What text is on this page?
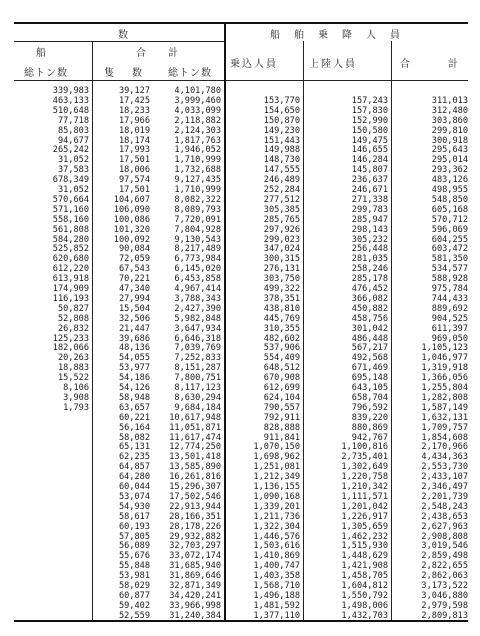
数	船舶乗降人員
船	合　計
総トン数	隻　数 総トン数
乗込人員	上陸人員	合　　計
339,983	39,127	4,101,780
463,133	17,425	3,999,460	153,770	157,243	311,013
510,648	18,233	4,033,099	154,650	157,830	312,480
77,718	17,966	2,118,882	150,870	152,990	303,860
85,803	18,019	2,124,303	149,230	150,580	299,810
94,677	18,174	1,817,763	151,443	149,475	300,918
265,242	17,993	1,946,052	149,988	146,655	295,643
31,052	17,501	1,710,999	148,730	146,284	295,014
37,583	18,006	1,732,688	147,555	145,807	293,362
678,349	97,574	9,127,435	246,489	236,637	483,126
31,052	17,501	1,710,999	252,284	246,671	498,955
570,664	104,607	8,082,322	277,512	271,338	548,850
571,160	106,090	8,089,793	305,385	299,783	605,168
558,160	100,086	7,720,091	285,765	285,947	570,712
561,808	101,320	7,804,928	297,926	298,143	596,069
584,280	100,092	9,130,543	299,023	305,232	604,255
525,852	90,084	8,217,489	347,024	256,448	603,472
620,680	72,059	6,773,984	300,315	281,035	581,350
612,220	67,543	6,145,020	276,131	258,246	534,577
613,918	70,221	6,453,858	303,750	285,178	588,928
174,909	47,340	4,967,414	499,322	476,452	975,784
116,193	27,994	3,788,343	378,351	366,082	744,433
50,827	15,504	2,427,390	438,810	450,882	889,692
52,808	32,506	5,982,848	445,769	458,756	904,525
26,832	21,447	3,647,934	310,355	301,042	611,397
125,233	39,686	6,646,318	482,602	486,448	969,050
182,066	48,136	7,039,769	537,906	567,217	1,105,123
20,263	54,055	7,252,833	554,409	492,568	1,046,977
18,883	53,977	8,151,287	648,512	671,469	1,319,918
15,522	54,186	7,800,751	670,908	695,148	1,366,056
8,106	54,126	8,117,123	612,699	643,105	1,255,804
3,908	58,948	8,630,294	624,104	658,704	1,282,808
1,793	63,657	9,684,184	790,557	796,592	1,587,149
60,221 10,617,948	792,911	839,220	1,632,131
56,164 11,051,871	828,888	880,869	1,709,757
58,082 11,617,474	911,841	942,767	1,854,608
65,131 12,774,250	1,070,150	1,100,816	2,170,966
62,235 13,501,418	1,698,962	2,735,401	4,434,363
64,857 13,585,890	1,251,081	1,302,649	2,553,730
64,280 16,261,816	1,212,349	1,220,758	2,433,107
60,044 15,296,307	1,136,155	1,210,342	2,346,497
53,074 17,502,546	1,090,168	1,111,571	2,201,739
54,930 22,913,944	1,339,201	1,201,042	2,548,243
58,617 28,166,351	1,211,736	1,226,917	2,438,653
60,193 28,178,226	1,322,304	1,305,659	2,627,963
57,805 29,932,882	1,446,576	1,462,232	2,908,808
56,089 32,703,297	1,503,616	1,515,930	3,019,546
55,676 33,072,174	1,410,869	1,448,629	2,859,498
55,848 31,685,940	1,400,747	1,421,908	2,822,655
53,981 31,869,646	1,403,358	1,458,705	2,862,063
58,029 32,871,349	1,568,710	1,604,812	3,173,522
60,877 34,420,241	1,496,188	1,550,792	3,046,880
59,402 33,966,998	1,481,592	1,498,006	2,979,598
52,559 31,240,384	1,377,110	1,432,703	2,809,813
